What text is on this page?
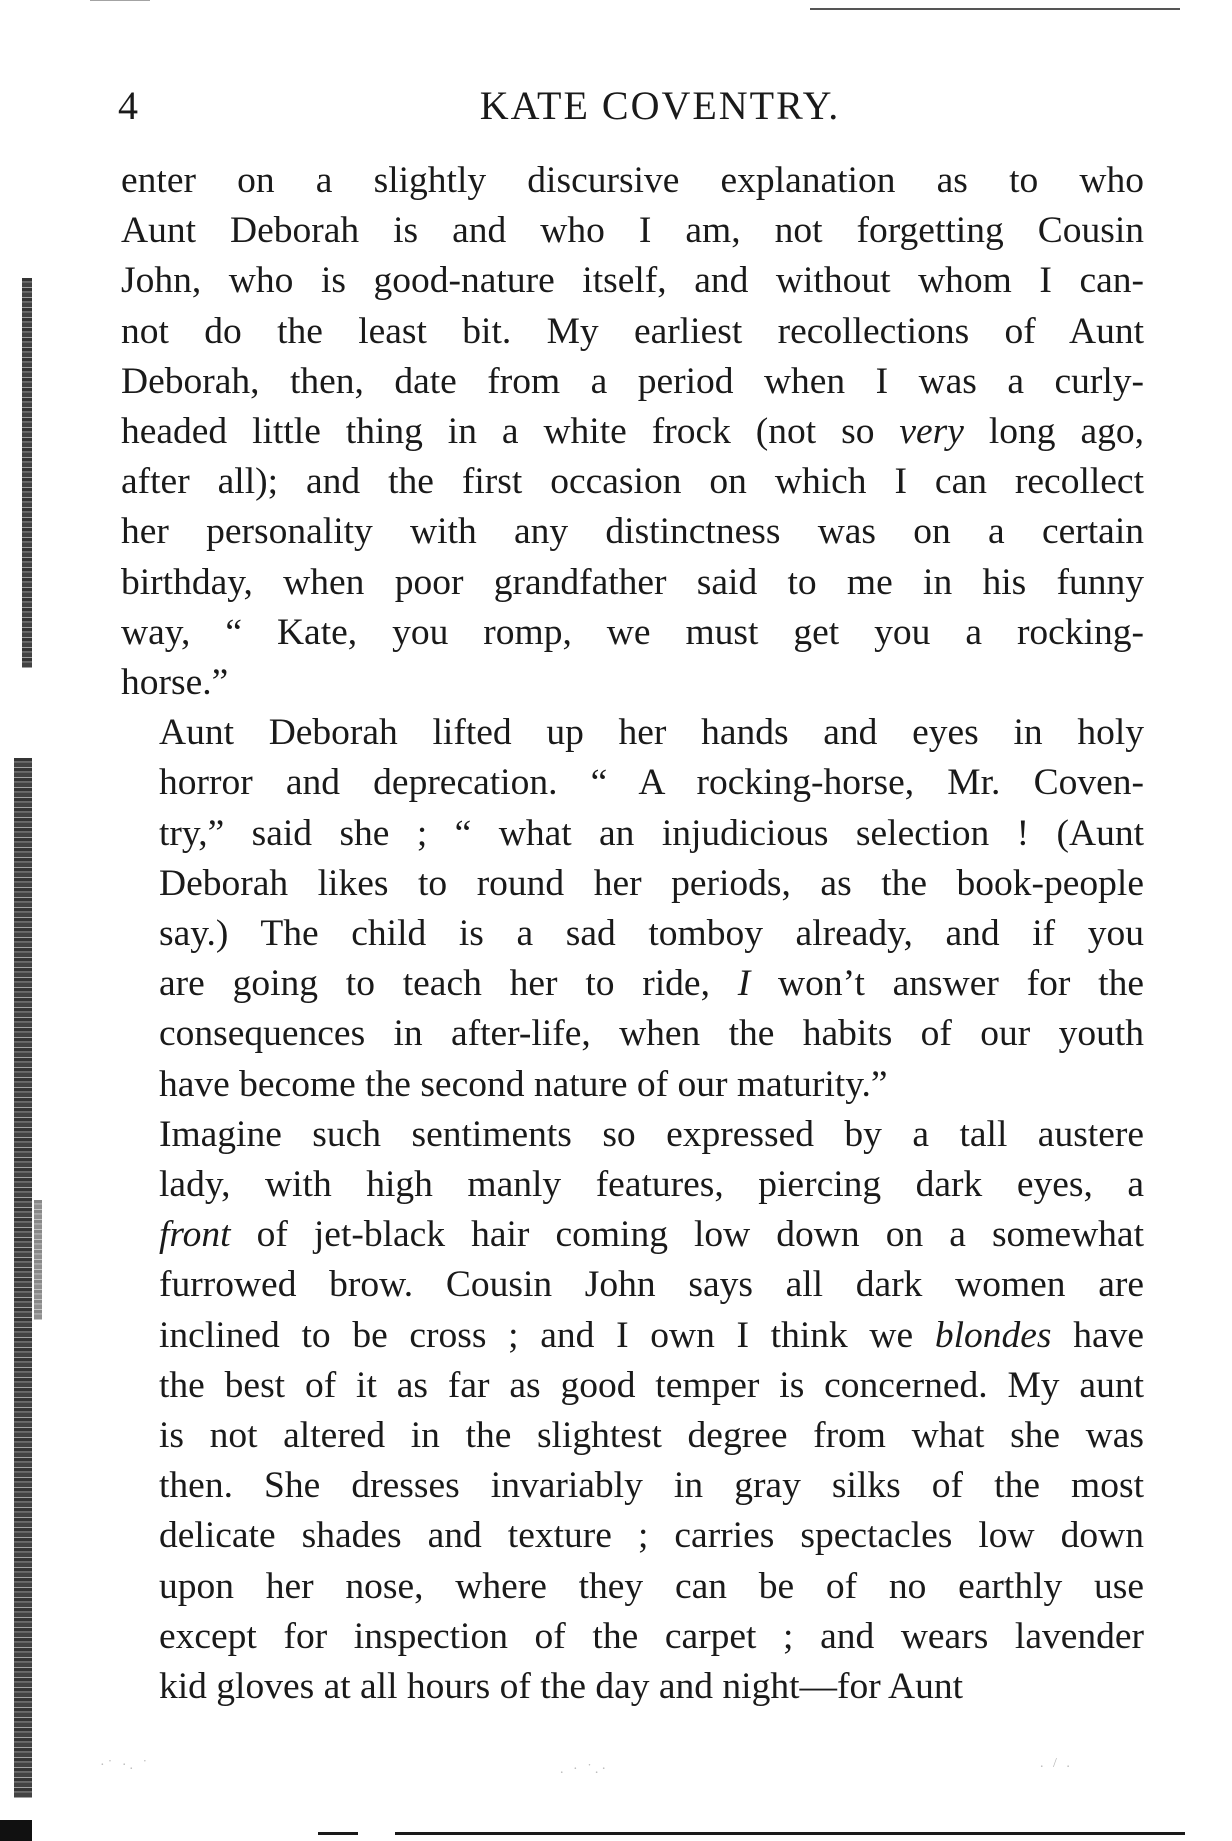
·˙ ·. ˙	. · ˙.·	. / .
4	KATE COVENTRY.

enter on a slightly discursive explanation as to who
Aunt Deborah is and who I am, not forgetting Cousin
John, who is good-nature itself, and without whom I can-
not do the least bit. My earliest recollections of Aunt
Deborah, then, date from a period when I was a curly-
headed little thing in a white frock (not so very long ago,
after all); and the first occasion on which I can recollect
her personality with any distinctness was on a certain
birthday, when poor grandfather said to me in his funny
way, “ Kate, you romp, we must get you a rocking-
horse.”

Aunt Deborah lifted up her hands and eyes in holy
horror and deprecation. “ A rocking-horse, Mr. Coven-
try,” said she ; “ what an injudicious selection ! (Aunt
Deborah likes to round her periods, as the book-people
say.) The child is a sad tomboy already, and if you
are going to teach her to ride, I won’t answer for the
consequences in after-life, when the habits of our youth
have become the second nature of our maturity.”

Imagine such sentiments so expressed by a tall austere
lady, with high manly features, piercing dark eyes, a
front of jet-black hair coming low down on a somewhat
furrowed brow. Cousin John says all dark women are
inclined to be cross ; and I own I think we blondes have
the best of it as far as good temper is concerned. My aunt
is not altered in the slightest degree from what she was
then. She dresses invariably in gray silks of the most
delicate shades and texture ; carries spectacles low down
upon her nose, where they can be of no earthly use
except for inspection of the carpet ; and wears lavender
kid gloves at all hours of the day and night—for Aunt
